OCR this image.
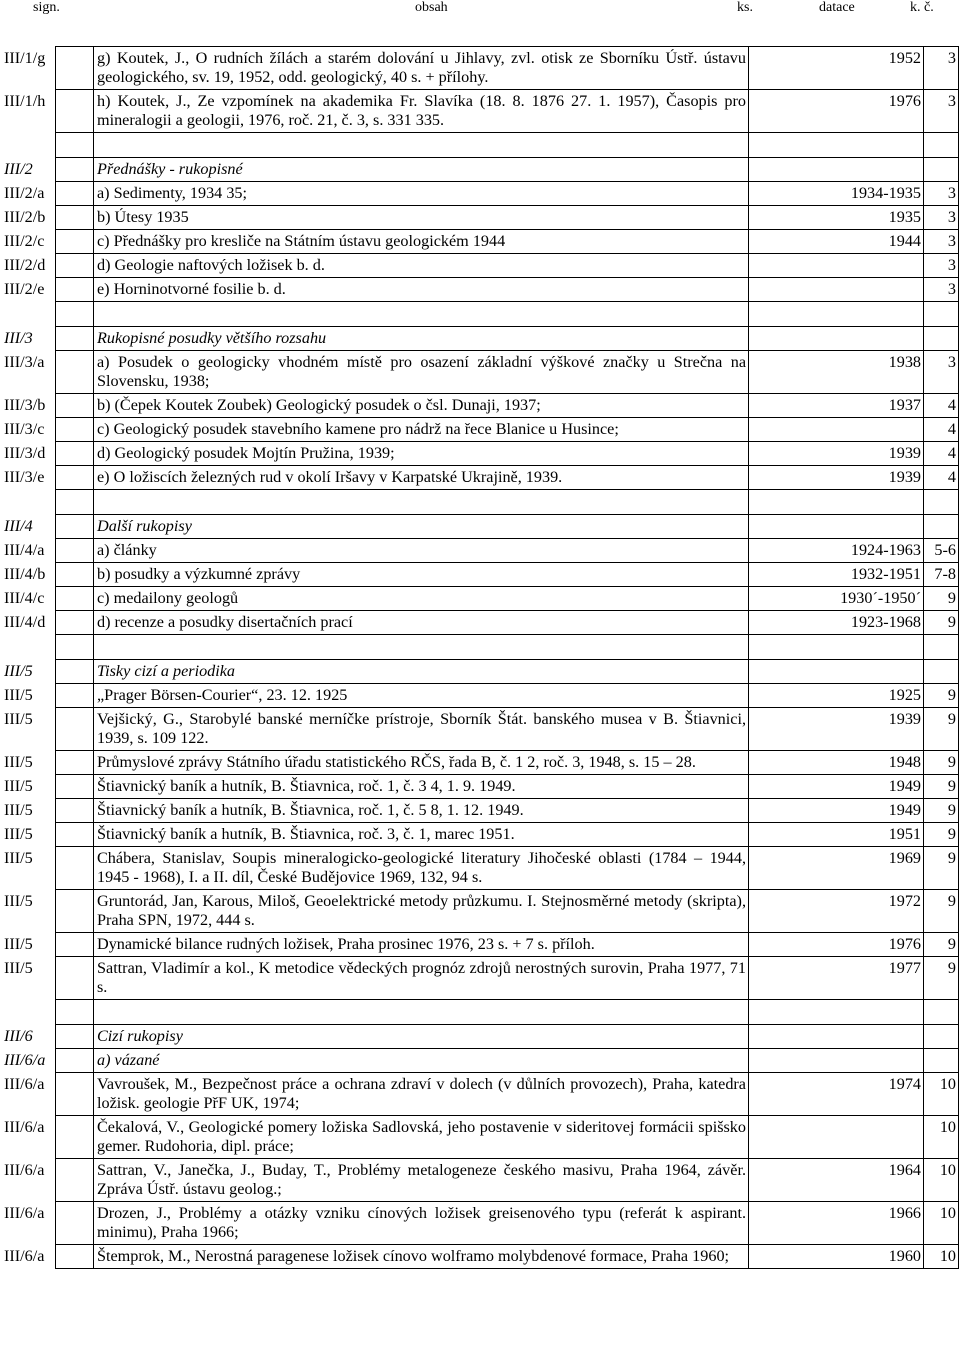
sign.	obsah	ks.	datace	k. č.
III/1/g	g) Koutek, J., O rudních žílách a starém dolování u Jihlavy, zvl. otisk ze Sborníku Ústř. ústavu geologického, sv. 19, 1952, odd. geologický, 40 s. + přílohy.	1952	3
III/1/h	h) Koutek, J., Ze vzpomínek na akademika Fr. Slavíka (18. 8. 1876 27. 1. 1957), Časopis pro mineralogii a geologii, 1976, roč. 21, č. 3, s. 331 335.	1976	3

III/2	Přednášky - rukopisné		
III/2/a	a) Sedimenty, 1934 35;	1934-1935	3
III/2/b	b) Útesy 1935	1935	3
III/2/c	c) Přednášky pro kresliče na Státním ústavu geologickém 1944	1944	3
III/2/d	d) Geologie naftových ložisek b. d.		3
III/2/e	e) Horninotvorné fosilie b. d.		3

III/3	Rukopisné posudky většího rozsahu		
III/3/a	a) Posudek o geologicky vhodném místě pro osazení základní výškové značky u Strečna na Slovensku, 1938;	1938	3
III/3/b	b) (Čepek Koutek Zoubek) Geologický posudek o čsl. Dunaji, 1937;	1937	4
III/3/c	c) Geologický posudek stavebního kamene pro nádrž na řece Blanice u Husince;		4
III/3/d	d) Geologický posudek Mojtín Pružina, 1939;	1939	4
III/3/e	e) O ložiscích železných rud v okolí Iršavy v Karpatské Ukrajině, 1939.	1939	4

III/4	Další rukopisy		
III/4/a	a) články	1924-1963	5-6
III/4/b	b) posudky a výzkumné zprávy	1932-1951	7-8
III/4/c	c) medailony geologů	1930´-1950´	9
III/4/d	d) recenze a posudky disertačních prací	1923-1968	9

III/5	Tisky cizí a periodika		
III/5	„Prager Börsen-Courier“, 23. 12. 1925	1925	9
III/5	Vejšický, G., Starobylé banské merníčke prístroje, Sborník Štát. banského musea v B. Štiavnici, 1939, s. 109 122.	1939	9
III/5	Průmyslové zprávy Státního úřadu statistického RČS, řada B, č. 1 2, roč. 3, 1948, s. 15 – 28.	1948	9
III/5	Štiavnický baník a hutník, B. Štiavnica, roč. 1, č. 3 4, 1. 9. 1949.	1949	9
III/5	Štiavnický baník a hutník, B. Štiavnica, roč. 1, č. 5 8, 1. 12. 1949.	1949	9
III/5	Štiavnický baník a hutník, B. Štiavnica, roč. 3, č. 1, marec 1951.	1951	9
III/5	Chábera, Stanislav, Soupis mineralogicko-geologické literatury Jihočeské oblasti (1784 – 1944, 1945 - 1968), I. a II. díl, České Budějovice 1969, 132, 94 s.	1969	9
III/5	Gruntorád, Jan, Karous, Miloš, Geoelektrické metody průzkumu. I. Stejnosměrné metody (skripta), Praha SPN, 1972, 444 s.	1972	9
III/5	Dynamické bilance rudných ložisek, Praha prosinec 1976, 23 s. + 7 s. příloh.	1976	9
III/5	Sattran, Vladimír a kol., K metodice vědeckých prognóz zdrojů nerostných surovin, Praha 1977, 71 s.	1977	9

III/6	Cizí rukopisy		
III/6/a	a) vázané		
III/6/a	Vavroušek, M., Bezpečnost práce a ochrana zdraví v dolech (v důlních provozech), Praha, katedra ložisk. geologie PřF UK, 1974;	1974	10
III/6/a	Čekalová, V., Geologické pomery ložiska Sadlovská, jeho postavenie v sideritovej formácii spišsko gemer. Rudohoria, dipl. práce;		10
III/6/a	Sattran, V., Janečka, J., Buday, T., Problémy metalogeneze českého masivu, Praha 1964, závěr. Zpráva Ústř. ústavu geolog.;	1964	10
III/6/a	Drozen, J., Problémy a otázky vzniku cínových ložisek greisenového typu (referát k aspirant. minimu), Praha 1966;	1966	10
III/6/a	Štemprok, M., Nerostná paragenese ložisek cínovo wolframo molybdenové formace, Praha 1960;	1960	10
